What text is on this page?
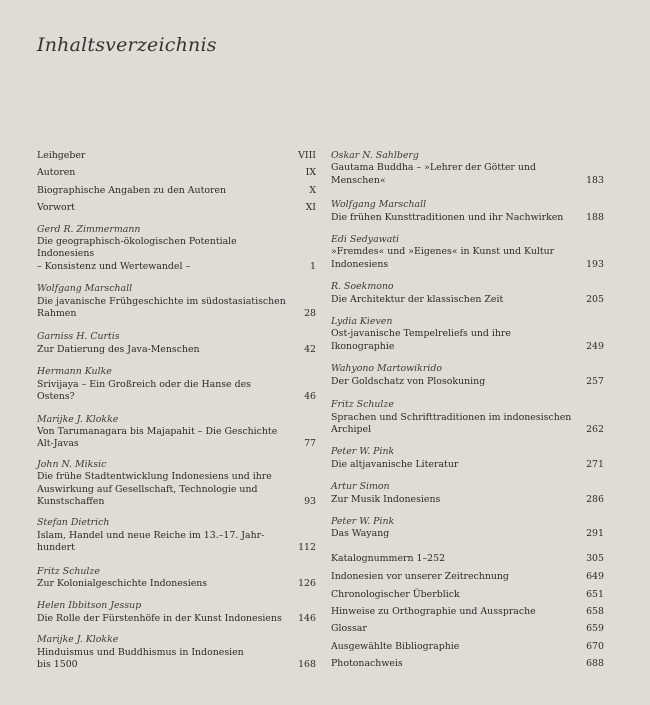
Inhaltsverzeichnis
Leihgeber	VIII
Autoren	IX
Biographische Angaben zu den Autoren	X
Vorwort	XI
Gerd R. Zimmermann
Die geographisch-ökologischen Potentiale Indonesiens
– Konsistenz und Wertewandel –	1
Wolfgang Marschall
Die javanische Frühgeschichte im südostasiatischen
Rahmen	28
Garniss H. Curtis
Zur Datierung des Java-Menschen	42
Hermann Kulke
Srivijaya – Ein Großreich oder die Hanse des
Ostens?	46
Marijke J. Klokke
Von Tarumanagara bis Majapahit – Die Geschichte
Alt-Javas	77
John N. Miksic
Die frühe Stadtentwicklung Indonesiens und ihre
Auswirkung auf Gesellschaft, Technologie und
Kunstschaffen	93
Stefan Dietrich
Islam, Handel und neue Reiche im 13.–17. Jahr-
hundert	112
Fritz Schulze
Zur Kolonialgeschichte Indonesiens	126
Helen Ibbitson Jessup
Die Rolle der Fürstenhöfe in der Kunst Indonesiens	146
Marijke J. Klokke
Hinduismus und Buddhismus in Indonesien
bis 1500	168
Oskar N. Sahlberg
Gautama Buddha – »Lehrer der Götter und
Menschen«	183
Wolfgang Marschall
Die frühen Kunsttraditionen und ihr Nachwirken	188
Edi Sedyawati
»Fremdes« und »Eigenes« in Kunst und Kultur
Indonesiens	193
R. Soekmono
Die Architektur der klassischen Zeit	205
Lydia Kieven
Ost-javanische Tempelreliefs und ihre Ikonographie	249
Wahyono Martowikrido
Der Goldschatz von Plosokuning	257
Fritz Schulze
Sprachen und Schrifttraditionen im indonesischen
Archipel	262
Peter W. Pink
Die altjavanische Literatur	271
Artur Simon
Zur Musik Indonesiens	286
Peter W. Pink
Das Wayang	291
Katalognummern 1–252	305
Indonesien vor unserer Zeitrechnung	649
Chronologischer Überblick	651
Hinweise zu Orthographie und Aussprache	658
Glossar	659
Ausgewählte Bibliographie	670
Photonachweis	688
